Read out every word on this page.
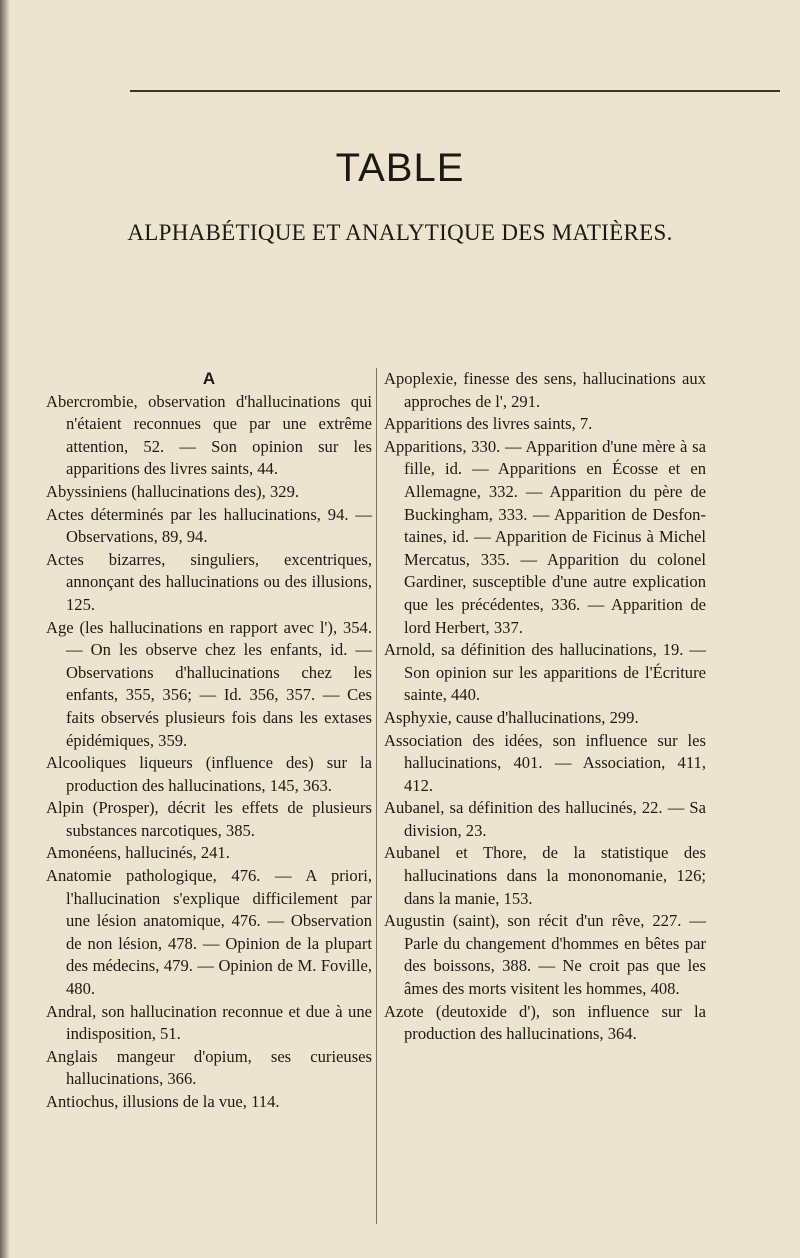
TABLE
ALPHABÉTIQUE ET ANALYTIQUE DES MATIÈRES.
A

Abercrombie, observation d'hallucinations qui n'étaient reconnues que par une extrême attention, 52. — Son opinion sur les apparitions des livres saints, 44.

Abyssiniens (hallucinations des), 329.

Actes déterminés par les hallucinations, 94. — Observations, 89, 94.

Actes bizarres, singuliers, excentriques, annonçant des hallucinations ou des illusions, 125.

Age (les hallucinations en rapport avec l'), 354. — On les observe chez les enfants, id. — Observations d'hallucinations chez les enfants, 355, 356; — Id. 356, 357. — Ces faits observés plusieurs fois dans les extases épidémiques, 359.

Alcooliques liqueurs (influence des) sur la production des hallucinations, 145, 363.

Alpin (Prosper), décrit les effets de plusieurs substances narcotiques, 385.

Amonéens, hallucinés, 241.

Anatomie pathologique, 476. — A priori, l'hallucination s'explique difficilement par une lésion anatomique, 476. — Observation de non lésion, 478. — Opinion de la plupart des médecins, 479. — Opinion de M. Foville, 480.

Andral, son hallucination reconnue et due à une indisposition, 51.

Anglais mangeur d'opium, ses curieuses hallucinations, 366.

Antiochus, illusions de la vue, 114.

Apoplexie, finesse des sens, hallucinations aux approches de l', 291.

Apparitions des livres saints, 7.

Apparitions, 330. — Apparition d'une mère à sa fille, id. — Apparitions en Écosse et en Allemagne, 332. — Apparition du père de Buckingham, 333. — Apparition de Desfontaines, id. — Apparition de Ficinus à Michel Mercatus, 335. — Apparition du colonel Gardiner, susceptible d'une autre explication que les précédentes, 336. — Apparition de lord Herbert, 337.

Arnold, sa définition des hallucinations, 19. — Son opinion sur les apparitions de l'Écriture sainte, 440.

Asphyxie, cause d'hallucinations, 299.

Association des idées, son influence sur les hallucinations, 401. — Association, 411, 412.

Aubanel, sa définition des hallucinés, 22. — Sa division, 23.

Aubanel et Thore, de la statistique des hallucinations dans la mononomanie, 126; dans la manie, 153.

Augustin (saint), son récit d'un rêve, 227. — Parle du changement d'hommes en bêtes par des boissons, 388. — Ne croit pas que les âmes des morts visitent les hommes, 408.

Azote (deutoxide d'), son influence sur la production des hallucinations, 364.
